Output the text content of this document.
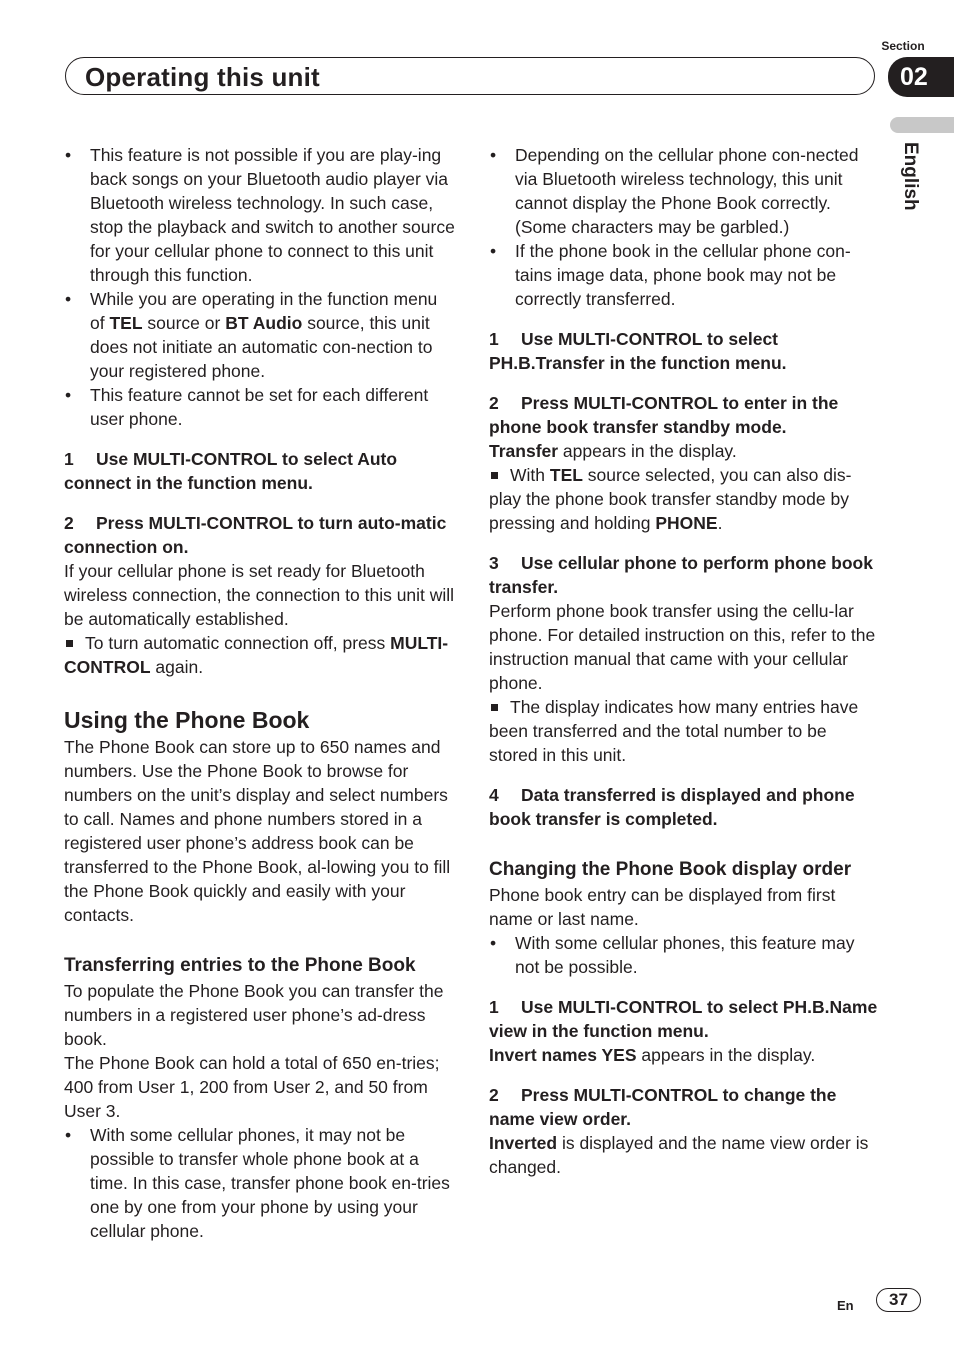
Section
Operating this unit	02
English
• This feature is not possible if you are play-ing back songs on your Bluetooth audio player via Bluetooth wireless technology. In such case, stop the playback and switch to another source for your cellular phone to connect to this unit through this function.
• While you are operating in the function menu of TEL source or BT Audio source, this unit does not initiate an automatic con-nection to your registered phone.
• This feature cannot be set for each different user phone.

1 Use MULTI-CONTROL to select Auto connect in the function menu.

2 Press MULTI-CONTROL to turn auto-matic connection on.

If your cellular phone is set ready for Bluetooth wireless connection, the connection to this unit will be automatically established.

To turn automatic connection off, press MULTI-CONTROL again.

Using the Phone Book

The Phone Book can store up to 650 names and numbers. Use the Phone Book to browse for numbers on the unit’s display and select numbers to call. Names and phone numbers stored in a registered user phone’s address book can be transferred to the Phone Book, al-lowing you to fill the Phone Book quickly and easily with your contacts.

Transferring entries to the Phone Book

To populate the Phone Book you can transfer the numbers in a registered user phone’s ad-dress book.

The Phone Book can hold a total of 650 en-tries; 400 from User 1, 200 from User 2, and 50 from User 3.

• With some cellular phones, it may not be possible to transfer whole phone book at a time. In this case, transfer phone book en-tries one by one from your phone by using your cellular phone.
• Depending on the cellular phone con-nected via Bluetooth wireless technology, this unit cannot display the Phone Book correctly. (Some characters may be garbled.)
• If the phone book in the cellular phone con-tains image data, phone book may not be correctly transferred.

1 Use MULTI-CONTROL to select PH.B.Transfer in the function menu.

2 Press MULTI-CONTROL to enter in the phone book transfer standby mode.

Transfer appears in the display.

With TEL source selected, you can also dis-play the phone book transfer standby mode by pressing and holding PHONE.

3 Use cellular phone to perform phone book transfer.

Perform phone book transfer using the cellu-lar phone. For detailed instruction on this, refer to the instruction manual that came with your cellular phone.

The display indicates how many entries have been transferred and the total number to be stored in this unit.

4 Data transferred is displayed and phone book transfer is completed.

Changing the Phone Book display order

Phone book entry can be displayed from first name or last name.

• With some cellular phones, this feature may not be possible.

1 Use MULTI-CONTROL to select PH.B.Name view in the function menu.

Invert names YES appears in the display.

2 Press MULTI-CONTROL to change the name view order.

Inverted is displayed and the name view order is changed.

En	37
